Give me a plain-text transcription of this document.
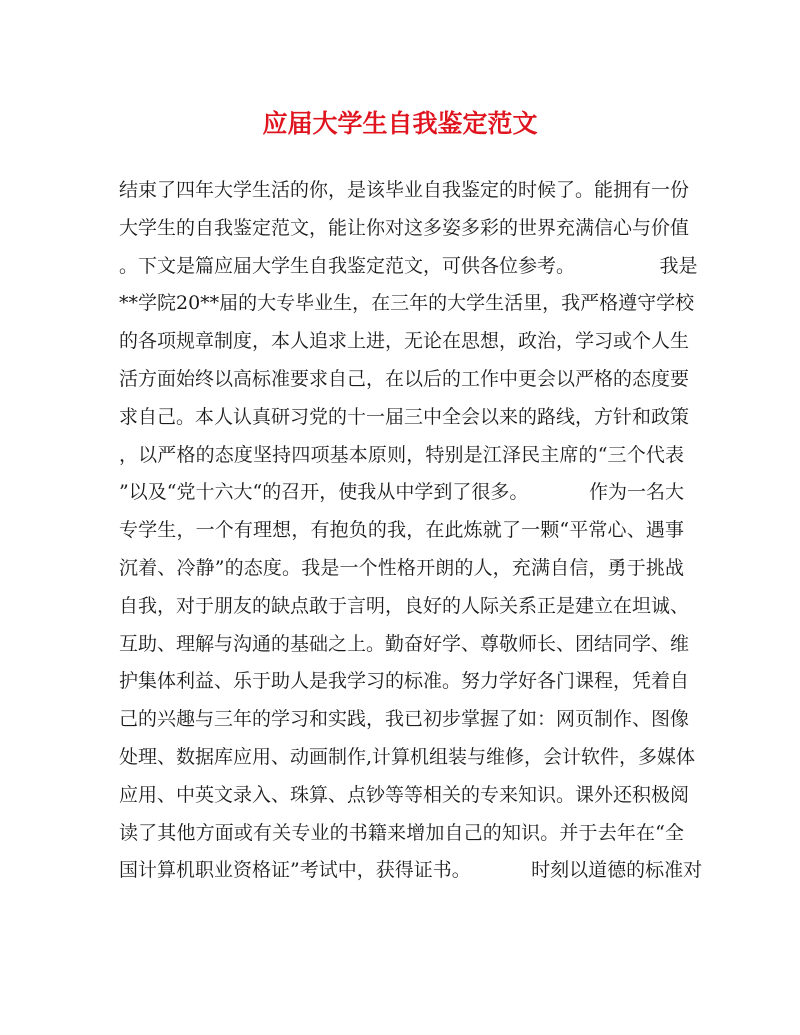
应届大学生自我鉴定范文
结束了四年大学生活的你，是该毕业自我鉴定的时候了。能拥有一份
大学生的自我鉴定范文，能让你对这多姿多彩的世界充满信心与价值
。下文是篇应届大学生自我鉴定范文，可供各位参考。              我是
**学院20**届的大专毕业生，在三年的大学生活里，我严格遵守学校
的各项规章制度，本人追求上进，无论在思想，政治，学习或个人生
活方面始终以高标准要求自己，在以后的工作中更会以严格的态度要
求自己。本人认真研习党的十一届三中全会以来的路线，方针和政策
，以严格的态度坚持四项基本原则，特别是江泽民主席的“三个代表
”以及“党十六大“的召开，使我从中学到了很多。          作为一名大
专学生，一个有理想，有抱负的我，在此炼就了一颗“平常心、遇事
沉着、冷静”的态度。我是一个性格开朗的人，充满自信，勇于挑战
自我，对于朋友的缺点敢于言明，良好的人际关系正是建立在坦诚、
互助、理解与沟通的基础之上。勤奋好学、尊敬师长、团结同学、维
护集体利益、乐于助人是我学习的标准。努力学好各门课程，凭着自
己的兴趣与三年的学习和实践，我已初步掌握了如：网页制作、图像
处理、数据库应用、动画制作,计算机组装与维修，会计软件，多媒体
应用、中英文录入、珠算、点钞等等相关的专来知识。课外还积极阅
读了其他方面或有关专业的书籍来增加自己的知识。并于去年在“全
国计算机职业资格证”考试中，获得证书。          时刻以道德的标准对
